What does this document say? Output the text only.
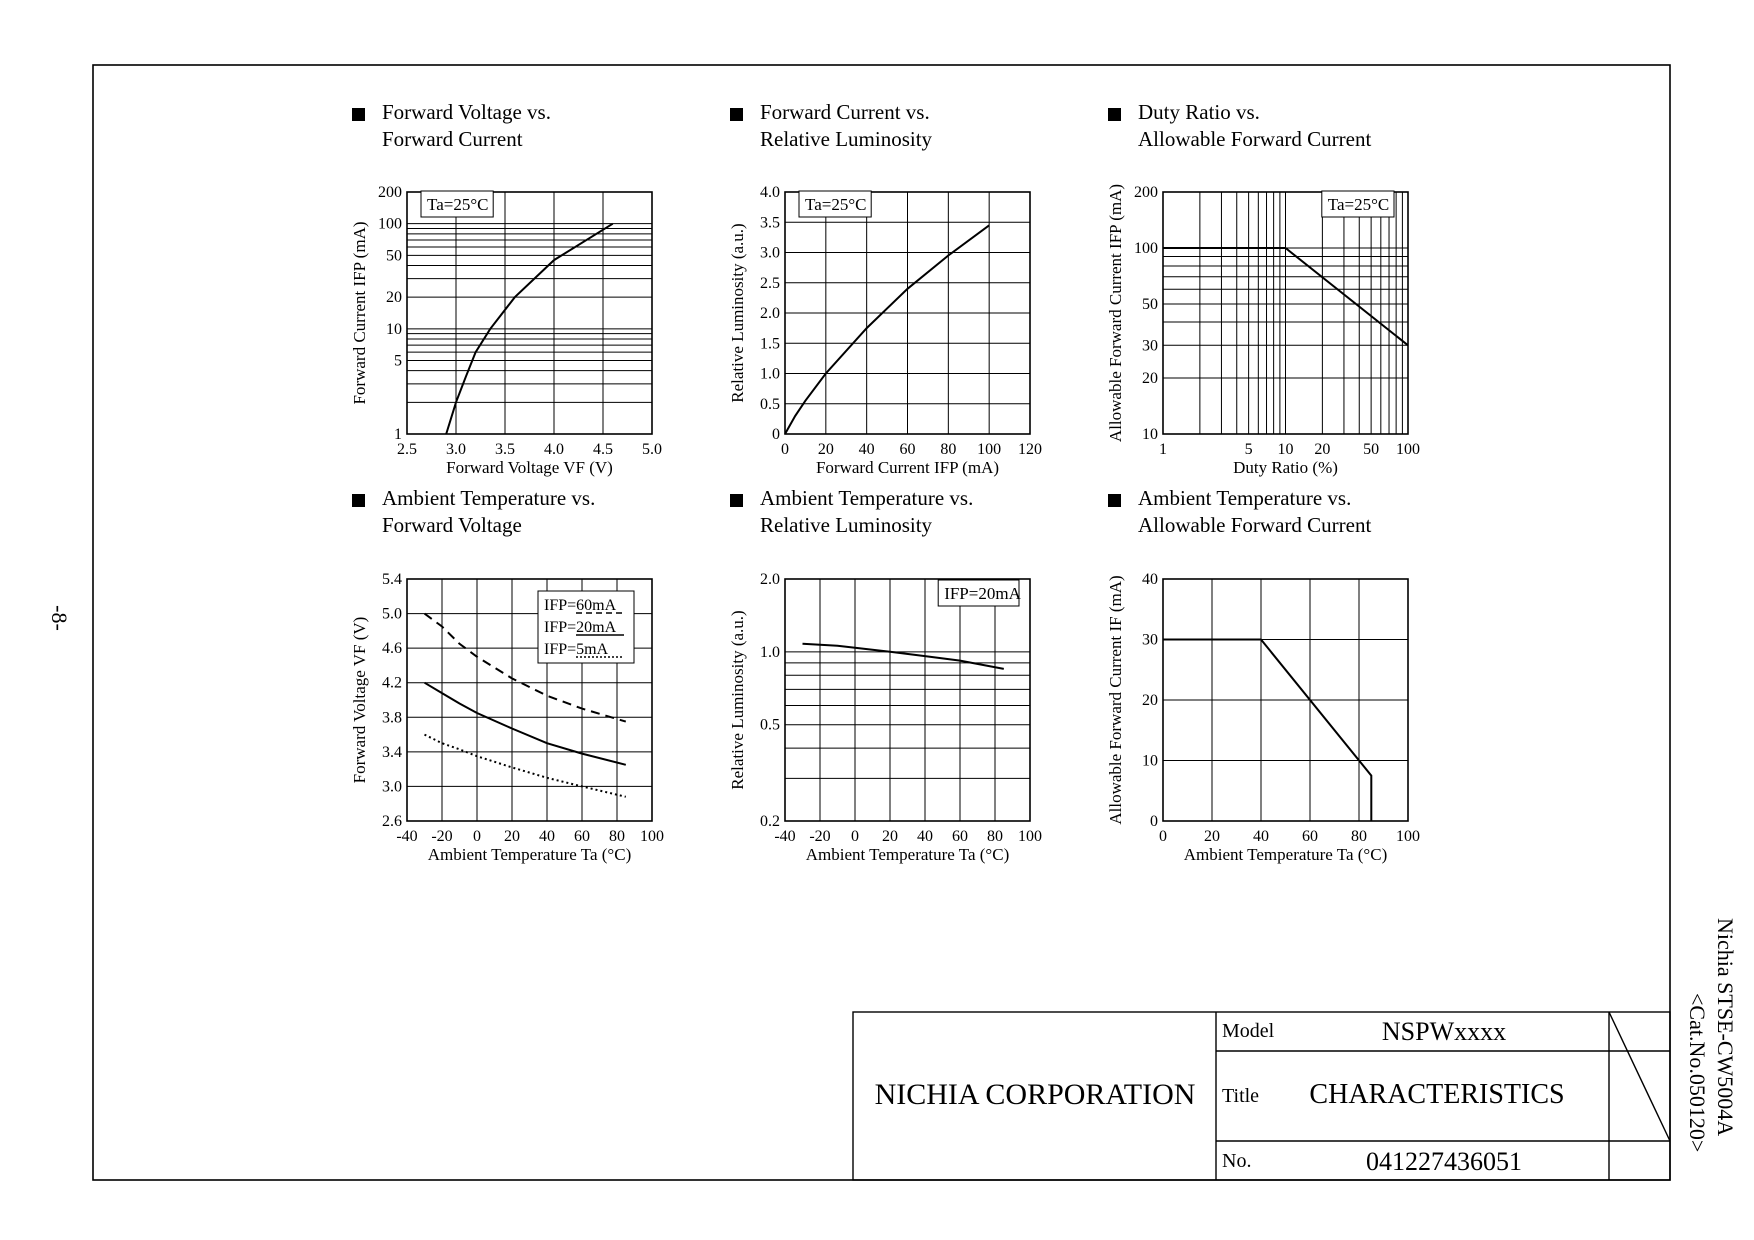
-8-
Nichia STSE-CW5004A
<Cat.No.050120>
Forward Voltage vs.
Forward Current
2.5 3.0 3.5 4.0 4.5 5.0
1
5
10
20
50
100
200
Forward Voltage VF (V)
Forward Current IFP (mA)
Ta=25°C
Forward Current vs.
Relative Luminosity
0 20 40 60 80 100 120
0
0.5
1.0
1.5
2.0
2.5
3.0
3.5
4.0
Forward Current IFP (mA)
Relative Luminosity (a.u.)
Ta=25°C
Duty Ratio vs.
Allowable Forward Current
1	5 10 20 50 100
10
20
30
50
100
200
Duty Ratio (%)
Allowable Forward Current IFP (mA)	Ta=25°C
Ambient Temperature vs.
Forward Voltage
-40 -20 0 20 40 60 80 100
2.6
3.0
3.4
3.8
4.2
4.6
5.0
5.4
Ambient Temperature Ta (°C)
Forward Voltage VF (V)
IFP=60mA
IFP=20mA
IFP=5mA
Ambient Temperature vs.
Relative Luminosity
-40 -20 0 20 40 60 80 100
0.2
0.5
1.0
2.0
Ambient Temperature Ta (°C)
Relative Luminosity (a.u.)
IFP=20mA
Ambient Temperature vs.
Allowable Forward Current
0 20 40 60 80 100
0
10
20
30
40
Ambient Temperature Ta (°C)
Allowable Forward Current IF (mA)
NICHIA CORPORATION
Model	NSPWxxxx
Title CHARACTERISTICS
No.	041227436051
